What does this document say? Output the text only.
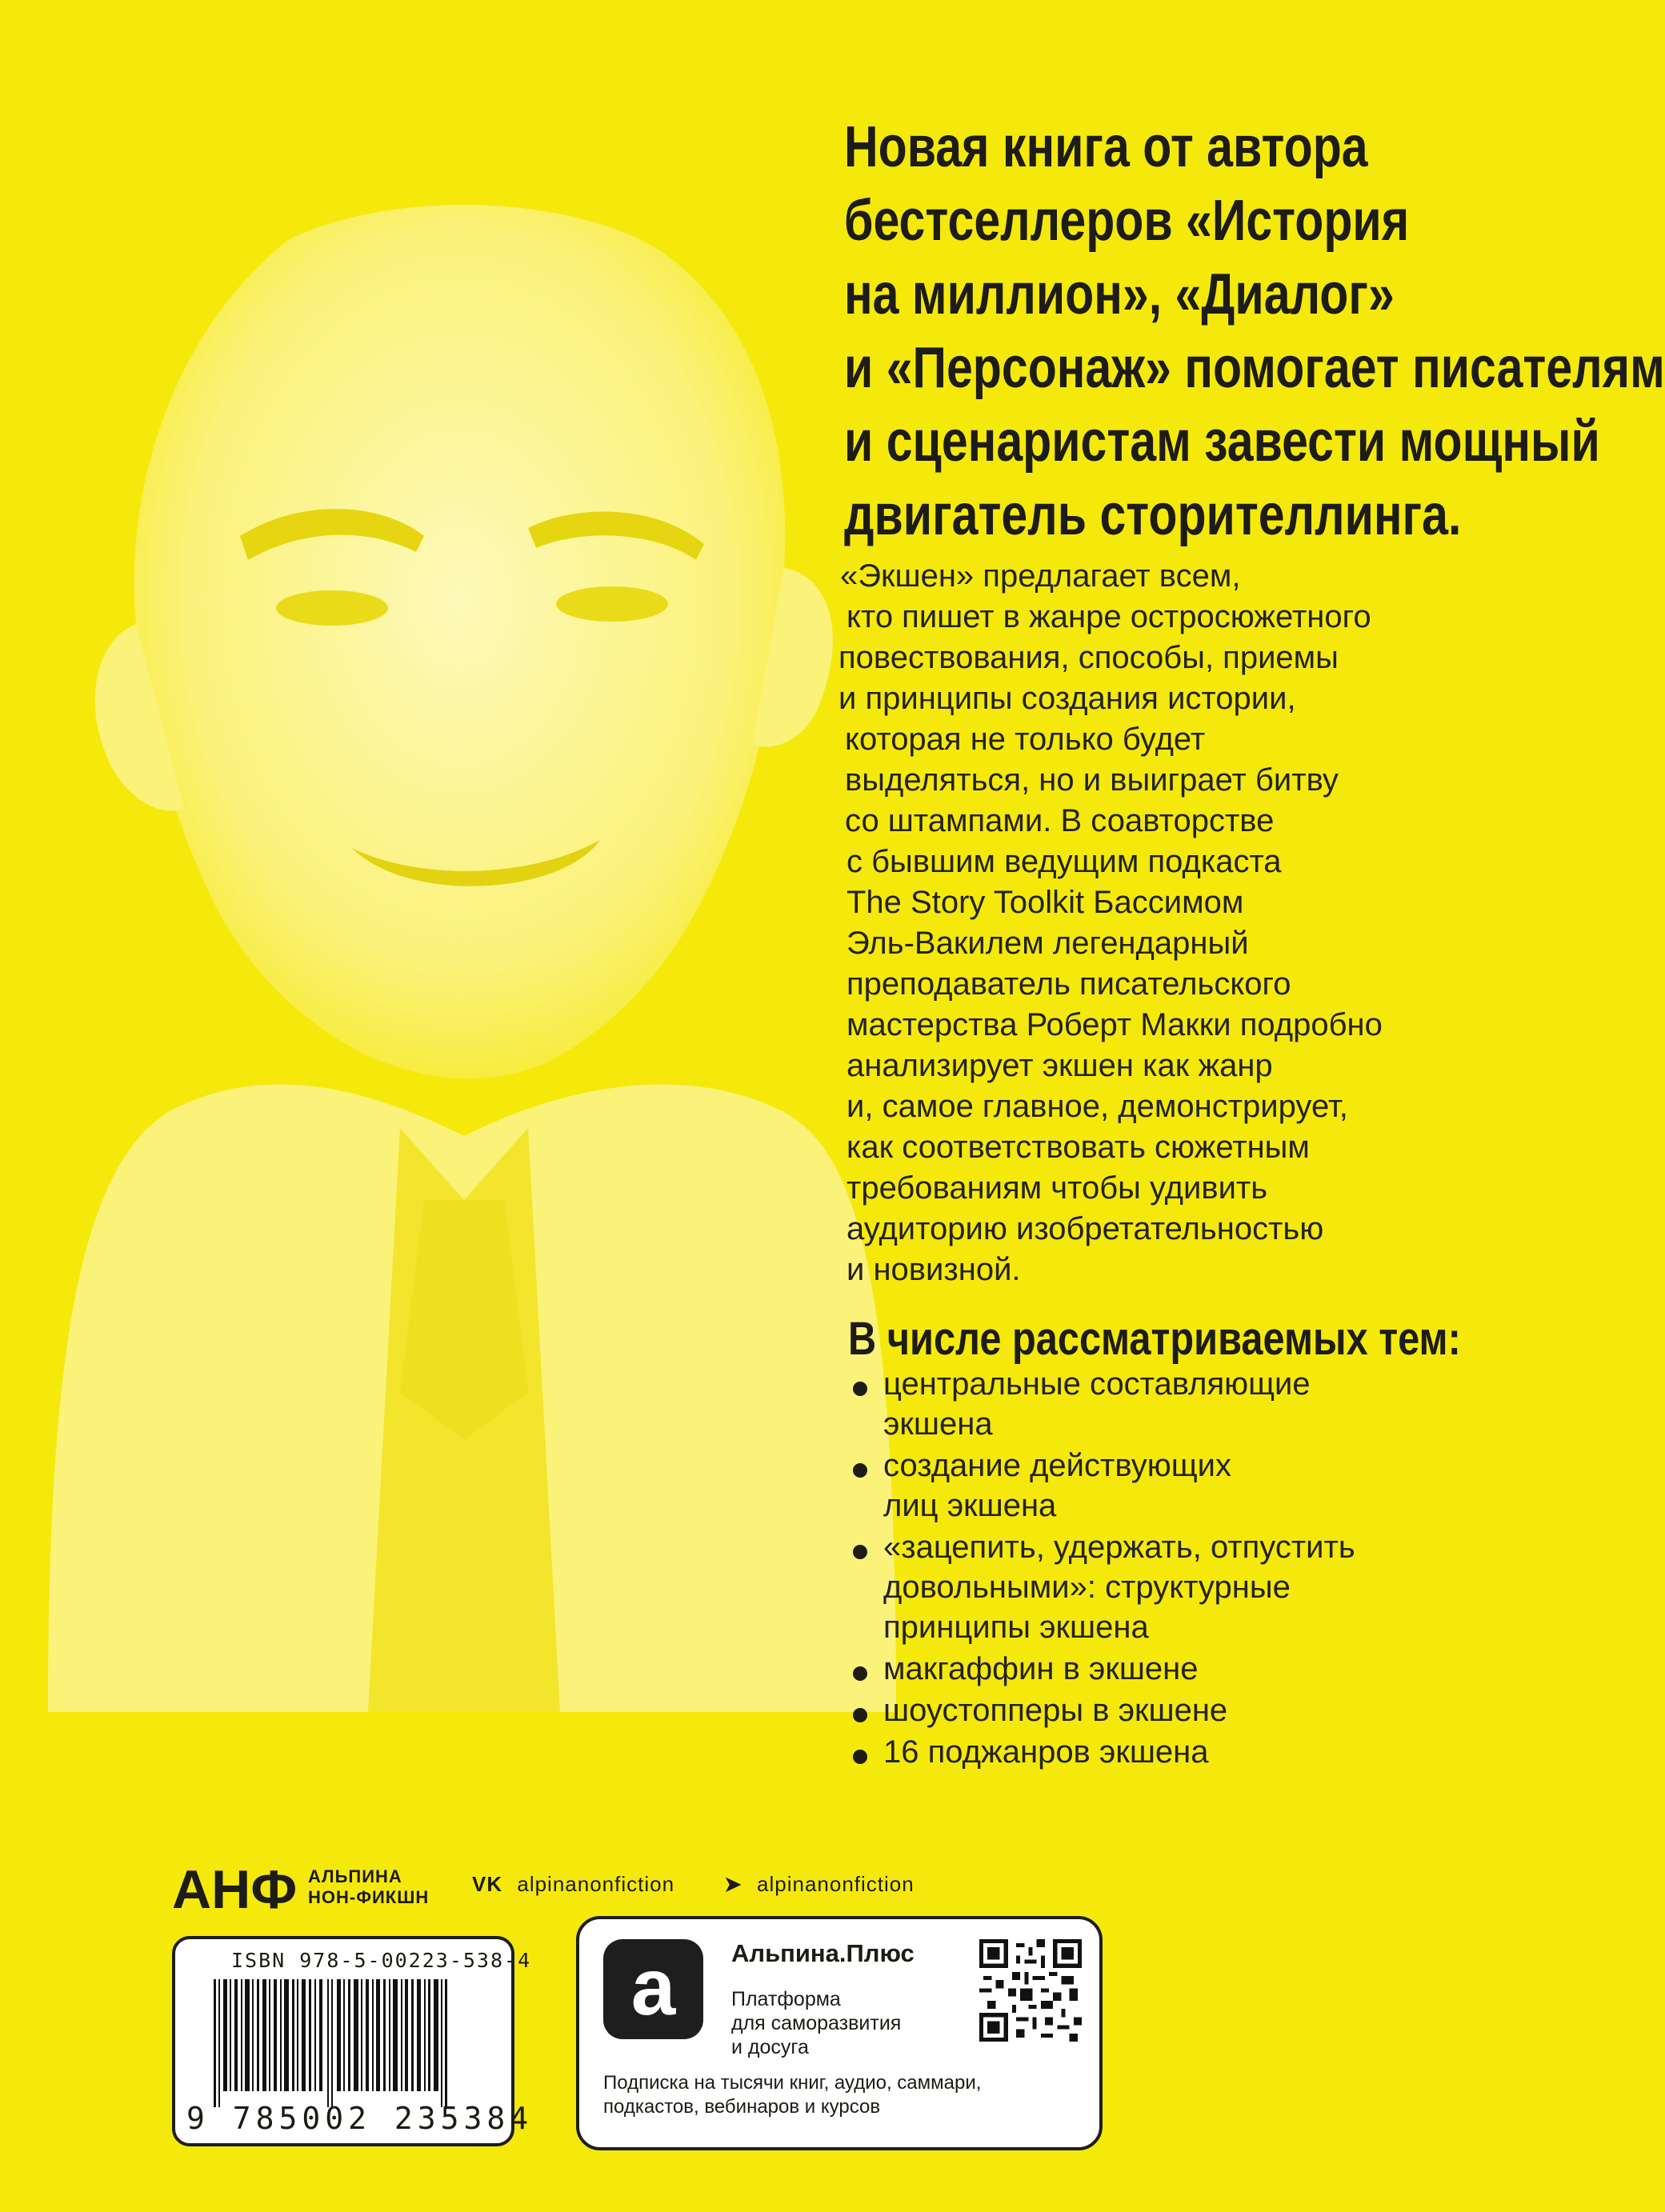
Новая книга от автора
бестселлеров «История
на миллион», «Диалог»
и «Персонаж» помогает писателям
и сценаристам завести мощный
двигатель сторителлинга.
«Экшен» предлагает всем,
кто пишет в жанре остросюжетного
повествования, способы, приемы
и принципы создания истории,
которая не только будет
выделяться, но и выиграет битву
со штампами. В соавторстве
с бывшим ведущим подкаста
The Story Toolkit Бассимом
Эль-Вакилем легендарный
преподаватель писательского
мастерства Роберт Макки подробно
анализирует экшен как жанр
и, самое главное, демонстрирует,
как соответствовать сюжетным
требованиям чтобы удивить
аудиторию изобретательностью
и новизной.
В числе рассматриваемых тем:
центральные составляющие
экшена
создание действующих
лиц экшена
«зацепить, удержать, отпустить
довольными»: структурные
принципы экшена
макгаффин в экшене
шоустопперы в экшене
16 поджанров экшена
АНФ АЛЬПИНА
НОН-ФИКШН
VK alpinanonfiction ➤ alpinanonfiction
ISBN 978-5-00223-538-4
9 785002 235384
a	Альпина.Плюс
Платформа
для саморазвития
и досуга
Подписка на тысячи книг, аудио, саммари,
подкастов, вебинаров и курсов
